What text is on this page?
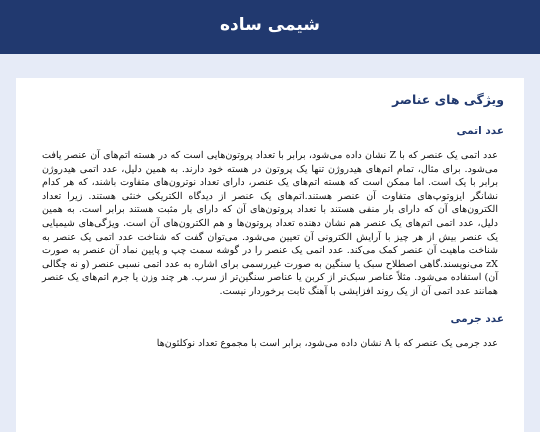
شیمی ساده
ویژگی های عناصر
عدد اتمی

عدد اتمی یک عنصر که با Z نشان داده می‌شود، برابر با تعداد پروتون‌هایی است که در هسته اتم‌های آن عنصر یافت می‌شود. برای مثال، تمام اتم‌های هیدروژن تنها یک پروتون در هسته خود دارند. به همین دلیل، عدد اتمی هیدروژن برابر با یک است. اما ممکن است که هسته اتم‌های یک عنصر، دارای تعداد نوترون‌های متفاوت باشند، که هر کدام نشانگر ایزوتوپ‌های متفاوت آن عنصر هستند.اتم‌های یک عنصر از دیدگاه الکتریکی خنثی هستند. زیرا تعداد الکترون‌های آن که دارای بار منفی هستند با تعداد پروتون‌های آن که دارای بار مثبت هستند برابر است. به همین دلیل، عدد اتمی اتم‌های یک عنصر هم نشان دهنده تعداد پروتون‌ها و هم الکترون‌های آن است. ویژگی‌های شیمیایی یک عنصر بیش از هر چیز با آرایش الکترونی آن تعیین می‌شود. می‌توان گفت که شناخت عدد اتمی یک عنصر به شناخت ماهیت آن عنصر کمک می‌کند. عدد اتمی یک عنصر را در گوشه سمت چپ و پایین نماد آن عنصر به صورت zX می‌نویسند.گاهی اصطلاح سبک یا سنگین به صورت غیررسمی برای اشاره به عدد اتمی نسبی عنصر (و نه چگالی آن) استفاده می‌شود. مثلاً عناصر سبک‌تر از کربن یا عناصر سنگین‌تر از سرب. هر چند وزن یا جرم اتم‌های یک عنصر همانند عدد اتمی آن از یک روند افزایشی با آهنگ ثابت برخوردار نیست.

عدد جرمی

عدد جرمی یک عنصر که با A نشان داده می‌شود، برابر است با مجموع تعداد نوکلئون‌ها
